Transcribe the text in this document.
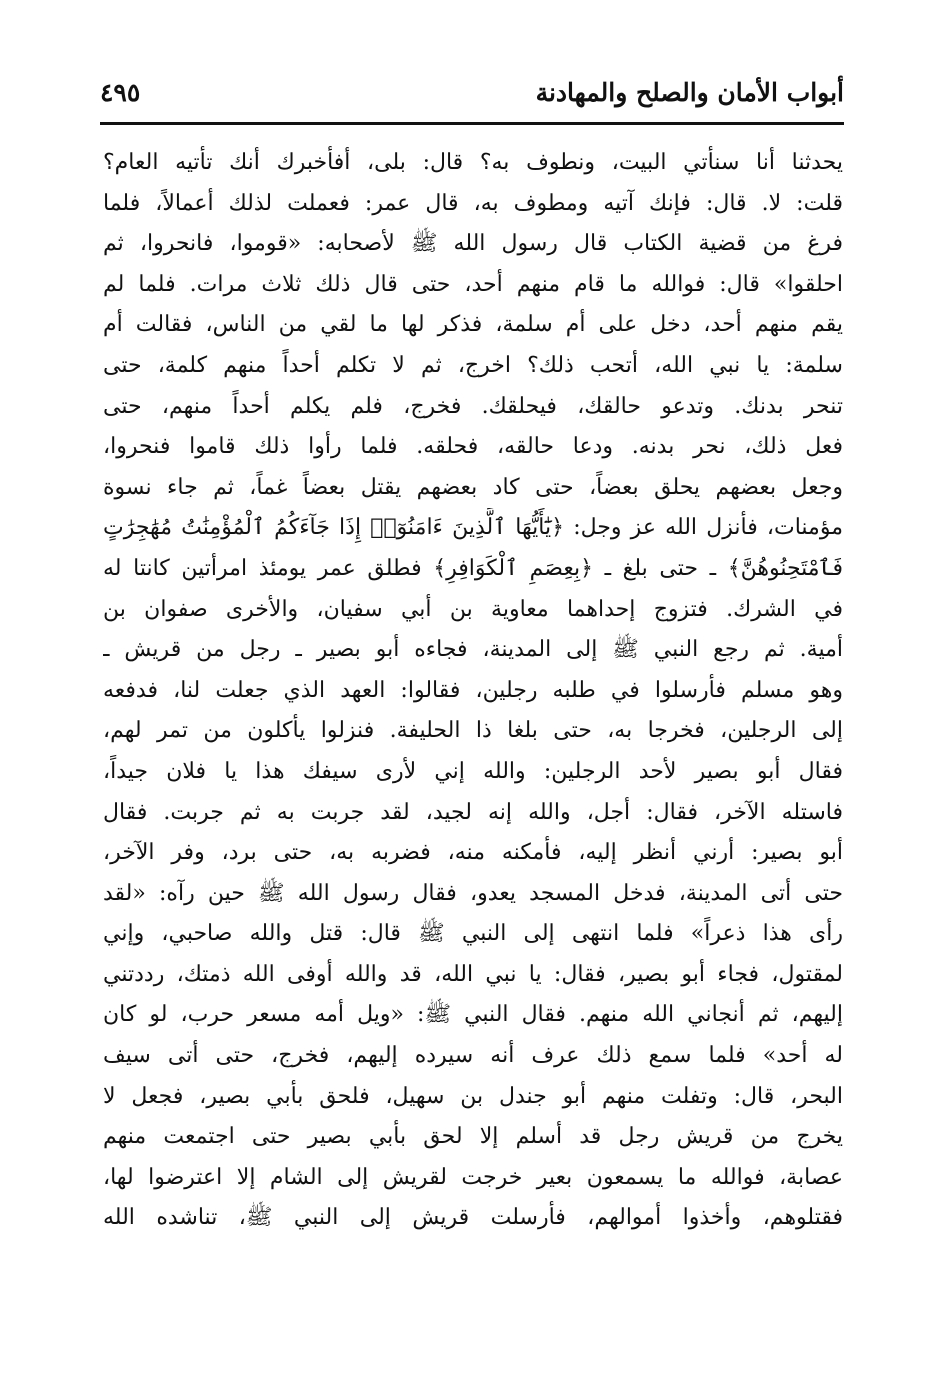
أبواب الأمان والصلح والمهادنة
٤٩٥
يحدثنا أنا سنأتي البيت، ونطوف به؟ قال: بلى، أفأخبرك أنك تأتيه العام؟
قلت: لا. قال: فإنك آتيه ومطوف به، قال عمر: فعملت لذلك أعمالاً، فلما
فرغ من قضية الكتاب قال رسول الله ﷺ لأصحابه: «قوموا، فانحروا، ثم
احلقوا» قال: فوالله ما قام منهم أحد، حتى قال ذلك ثلاث مرات. فلما لم
يقم منهم أحد، دخل على أم سلمة، فذكر لها ما لقي من الناس، فقالت أم
سلمة: يا نبي الله، أتحب ذلك؟ اخرج، ثم لا تكلم أحداً منهم كلمة، حتى
تنحر بدنك. وتدعو حالقك، فيحلقك. فخرج، فلم يكلم أحداً منهم، حتى
فعل ذلك، نحر بدنه. ودعا حالقه، فحلقه. فلما رأوا ذلك قاموا فنحروا،
وجعل بعضهم يحلق بعضاً، حتى كاد بعضهم يقتل بعضاً غماً، ثم جاء نسوة
مؤمنات، فأنزل الله عز وجل: ﴿يَٰٓأَيُّهَا ٱلَّذِينَ ءَامَنُوٓا۟ إِذَا جَآءَكُمُ ٱلْمُؤْمِنَٰتُ مُهَٰجِرَٰتٍ
فَٱمْتَحِنُوهُنَّ﴾ ـ حتى بلغ ـ ﴿بِعِصَمِ ٱلْكَوَافِرِ﴾ فطلق عمر يومئذ امرأتين كانتا له
في الشرك. فتزوج إحداهما معاوية بن أبي سفيان، والأخرى صفوان بن
أمية. ثم رجع النبي ﷺ إلى المدينة، فجاءه أبو بصير ـ رجل من قريش ـ
وهو مسلم فأرسلوا في طلبه رجلين، فقالوا: العهد الذي جعلت لنا، فدفعه
إلى الرجلين، فخرجا به، حتى بلغا ذا الحليفة. فنزلوا يأكلون من تمر لهم،
فقال أبو بصير لأحد الرجلين: والله إني لأرى سيفك هذا يا فلان جيداً،
فاستله الآخر، فقال: أجل، والله إنه لجيد، لقد جربت به ثم جربت. فقال
أبو بصير: أرني أنظر إليه، فأمكنه منه، فضربه به، حتى برد، وفر الآخر،
حتى أتى المدينة، فدخل المسجد يعدو، فقال رسول الله ﷺ حين رآه: «لقد
رأى هذا ذعراً» فلما انتهى إلى النبي ﷺ قال: قتل والله صاحبي، وإني
لمقتول، فجاء أبو بصير، فقال: يا نبي الله، قد والله أوفى الله ذمتك، رددتني
إليهم، ثم أنجاني الله منهم. فقال النبي ﷺ: «ويل أمه مسعر حرب، لو كان
له أحد» فلما سمع ذلك عرف أنه سيرده إليهم، فخرج، حتى أتى سيف
البحر، قال: وتفلت منهم أبو جندل بن سهيل، فلحق بأبي بصير، فجعل لا
يخرج من قريش رجل قد أسلم إلا لحق بأبي بصير حتى اجتمعت منهم
عصابة، فوالله ما يسمعون بعير خرجت لقريش إلى الشام إلا اعترضوا لها،
فقتلوهم، وأخذوا أموالهم، فأرسلت قريش إلى النبي ﷺ، تناشده الله
